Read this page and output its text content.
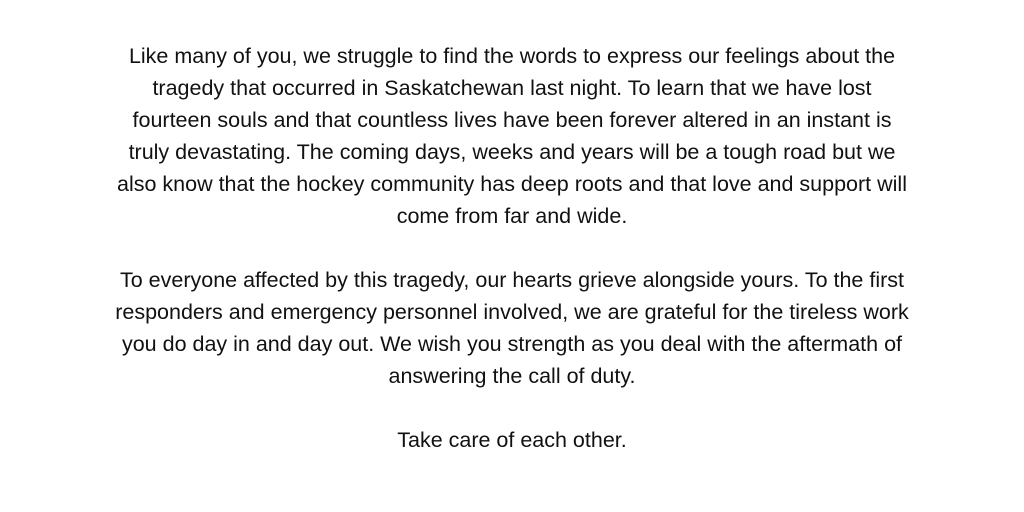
Like many of you, we struggle to find the words to express our feelings about the
tragedy that occurred in Saskatchewan last night. To learn that we have lost
fourteen souls and that countless lives have been forever altered in an instant is
truly devastating. The coming days, weeks and years will be a tough road but we
also know that the hockey community has deep roots and that love and support will
come from far and wide.

To everyone affected by this tragedy, our hearts grieve alongside yours. To the first
responders and emergency personnel involved, we are grateful for the tireless work
you do day in and day out. We wish you strength as you deal with the aftermath of
answering the call of duty.

Take care of each other.
